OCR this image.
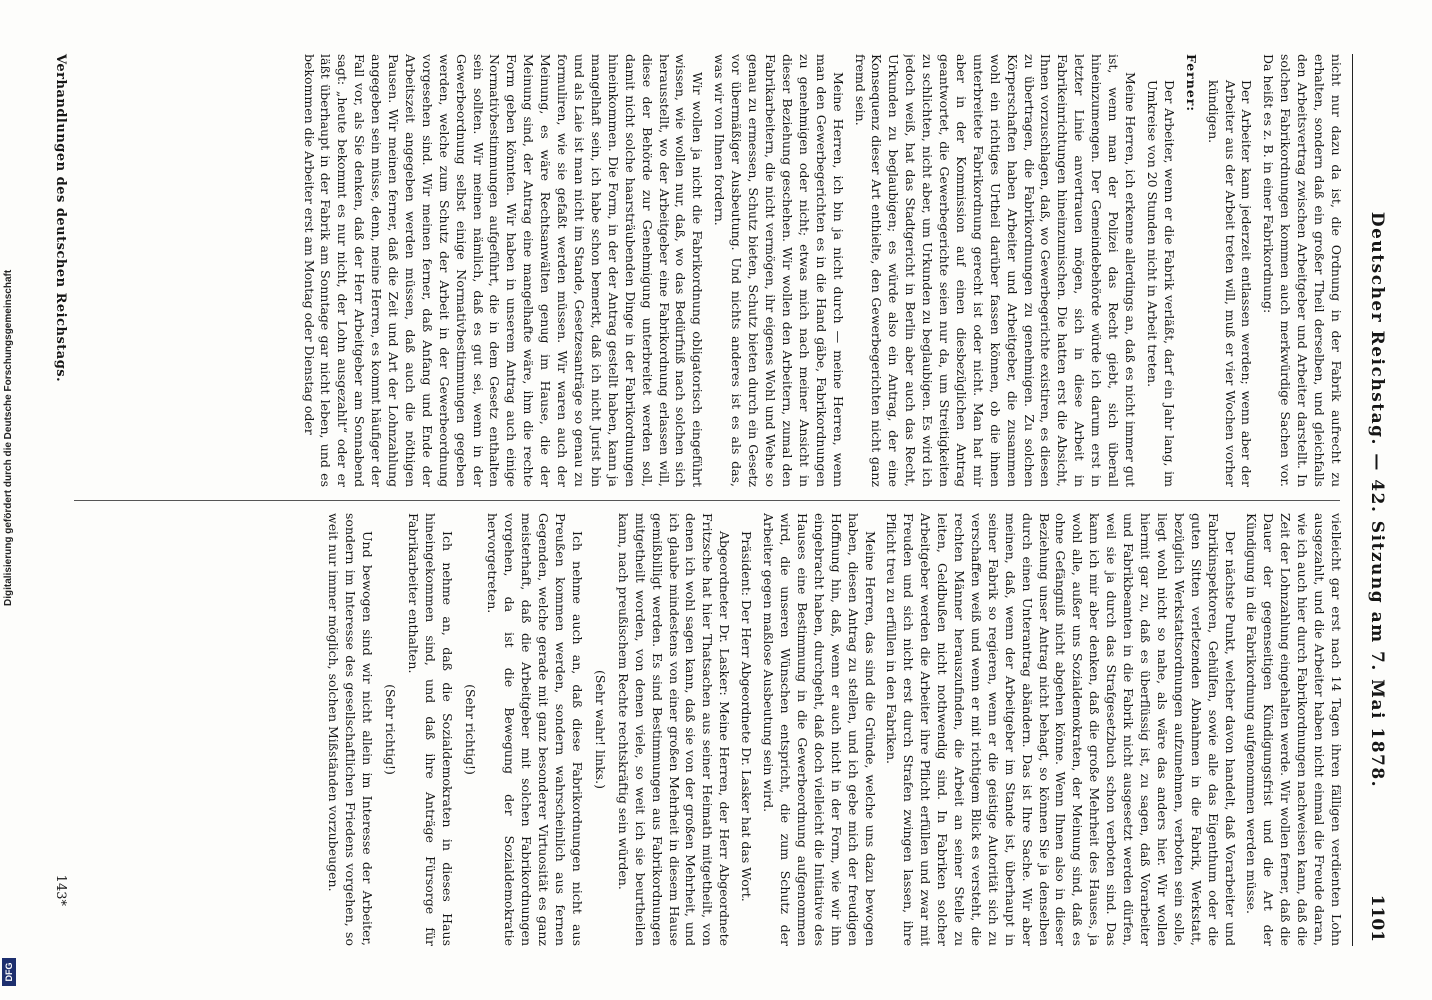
Deutscher Reichstag. — 42. Sitzung am 7. Mai 1878.
1101

nicht nur dazu da ist, die Ordnung in der Fabrik aufrecht zu erhalten, sondern daß ein großer Theil derselben, und gleichfalls den Arbeitsvertrag zwischen Arbeitgeber und Arbeiter darstellt. In solchen Fabrikordnungen kommen auch merkwürdige Sachen vor. Da heißt es z. B. in einer Fabrikordnung:

Der Arbeiter kann jederzeit entlassen werden; wenn aber der Arbeiter aus der Arbeit treten will, muß er vier Wochen vorher kündigen.

Ferner:

Der Arbeiter, wenn er die Fabrik verläßt, darf ein Jahr lang, im Umkreise von 20 Stunden nicht in Arbeit treten.

Meine Herren, ich erkenne allerdings an, daß es nicht immer gut ist, wenn man der Polizei das Recht giebt, sich überall hineinzumengen. Der Gemeindebehörde würde ich darum erst in letzter Linie anvertrauen mögen, sich in diese Arbeit in Fabrikeinrichtungen hineinzumischen. Die hatten erst die Absicht, Ihnen vorzuschlagen, daß, wo Gewerbegerichte existiren, es diesen zu übertragen, die Fabrikordnungen zu genehmigen. Zu solchen Körperschaften haben Arbeiter und Arbeitgeber, die zusammen wohl ein richtiges Urtheil darüber fassen können, ob die ihnen unterbreitete Fabrikordnung gerecht ist oder nicht. Man hat mir aber in der Kommission auf einen diesbezüglichen Antrag geantwortet, die Gewerbegerichte seien nur da, um Streitigkeiten zu schlichten, nicht aber, um Urkunden zu beglaubigen. Es wird ich jedoch weiß, hat das Stadtgericht in Berlin aber auch das Recht, Urkunden zu beglaubigen; es würde also ein Antrag, der eine Konsequenz dieser Art enthielte, den Gewerbegerichten nicht ganz fremd sein.

Meine Herren, ich bin ja nicht durch — meine Herren, wenn man den Gewerbegerichten es in die Hand gäbe, Fabrikordnungen zu genehmigen oder nicht; etwas mich nach meiner Ansicht in dieser Beziehung geschehen. Wir wollen den Arbeitern, zumal den Fabrikarbeitern, die nicht vermögen, ihr eigenes Wohl und Wehe so genau zu ermessen, Schutz bieten, Schutz bieten durch ein Gesetz vor übermäßiger Ausbeutung. Und nichts anderes ist es als das, was wir von Ihnen fordern.

Wir wollen ja nicht die Fabrikordnung obligatorisch eingeführt wissen, wie wollen nur, daß, wo das Bedürfniß nach solchen sich herausstellt, wo der Arbeitgeber eine Fabrikordnung erlassen will, diese der Behörde zur Genehmigung unterbreitet werden soll, damit nicht solche haarsträubenden Dinge in der Fabrikordnungen hineinkommen. Die Form, in der der Antrag gestellt haben, kann ja mangelhaft sein, ich habe schon bemerkt, daß ich nicht Jurist bin und als Laie ist man nicht im Stande, Gesetzesanträge so genau zu formuliren, wie sie gefaßt werden müssen. Wir waren auch der Meinung, es wäre Rechtsanwälten genug im Hause, die der Meinung sind, der Antrag eine mangelhafte wäre, ihm die rechte Form geben könnten. Wir haben in unserem Antrag auch einige Normativbestimmungen aufgeführt, die in dem Gesetz enthalten sein sollten. Wir meinen nämlich, daß es gut sei, wenn in der Gewerbeordnung selbst einige Normativbestimmungen gegeben werden, welche zum Schutz der Arbeit in der Gewerbeordnung vorgesehen sind. Wir meinen ferner, daß Anfang und Ende der Arbeitszeit angegeben werden müssen, daß auch die nöthigen Pausen. Wir meinen ferner, daß die Zeit und Art der Lohnzahlung angegeben sein müsse, denn, meine Herren, es kommt häufiger der Fall vor, als Sie denken, daß der Herr Arbeitgeber am Sonnabend sagt: „heute bekommt es nur nicht, der Lohn ausgezahlt“ oder er läßt überhaupt in der Fabrik am Sonntage gar nicht leben, und es bekommen die Arbeiter erst am Montag oder Dienstag oder

vielleicht gar erst nach 14 Tagen ihren fälligen verdienten Lohn ausgezahlt, und die Arbeiter haben nicht einmal die Freude daran, wie ich auch hier durch Fabrikordnungen nachweisen kann, daß die Zeit der Lohnzahlung eingehalten werde. Wir wollen ferner, daß die Dauer der gegenseitigen Kündigungsfrist und die Art der Kündigung in die Fabrikordnung aufgenommen werden müsse.

Der nächste Punkt, welcher davon handelt, daß Vorarbeiter und Fabrikinspektoren, Gehülfen, sowie alle das Eigenthum oder die guten Sitten verletzenden Abnahmen in die Fabrik, Werkstatt, bezüglich Werkstattsordnungen aufzunehmen, verboten sein solle, liegt wohl nicht so nahe, als wäre das anders hier. Wir wollen hiermit gar zu, daß es überflüssig ist, zu sagen, daß Vorarbeiter und Fabrikbeamten in die Fabrik nicht ausgesetzt werden dürfen, weil sie ja durch das Strafgesetzbuch schon verboten sind. Das kann ich mir aber denken, daß die große Mehrheit des Hauses, ja wohl alle, außer uns Sozialdemokraten, der Meinung sind, daß es ohne Gefängniß nicht abgehen könne. Wenn Ihnen also in dieser Beziehung unser Antrag nicht behagt, so können Sie ja denselben durch einen Unterantrag abändern. Das ist Ihre Sache. Wir aber meinen, daß, wenn der Arbeitgeber im Stande ist, überhaupt in seiner Fabrik so regieren, wenn er die geistige Autorität sich zu verschaffen weiß und wenn er mit richtigem Blick es versteht, die rechten Männer herauszufinden, die Arbeit an seiner Stelle zu leiten, Geldbußen nicht nothwendig sind. In Fabriken solcher Arbeitgeber werden die Arbeiter ihre Pflicht erfüllen und zwar mit Freuden und sich nicht erst durch Strafen zwingen lassen, ihre Pflicht treu zu erfüllen in den Fabriken.

Meine Herren, das sind die Gründe, welche uns dazu bewogen haben, diesen Antrag zu stellen, und ich gebe mich der freudigen Hoffnung hin, daß, wenn er auch nicht in der Form, wie wir ihn eingebracht haben, durchgeht, daß doch vielleicht die Initiative des Hauses eine Bestimmung in die Gewerbeordnung aufgenommen wird, die unseren Wünschen entspricht, die zum Schutz der Arbeiter gegen maßlose Ausbeutung sein wird.

Präsident: Der Herr Abgeordnete Dr. Lasker hat das Wort.

Abgeordneter Dr. Lasker: Meine Herren, der Herr Abgeordnete Fritzsche hat hier Thatsachen aus seiner Heimath mitgetheilt, von denen ich wohl sagen kann, daß sie von der großen Mehrheit, und ich glaube mindestens von einer großen Mehrheit in diesem Hause gemißbilligt werden. Es sind Bestimmungen aus Fabrikordnungen mitgetheilt worden, von denen viele, so weit ich sie beurtheilen kann, nach preußischem Rechte rechtskräftig sein würden.

(Sehr wahr! links.)

Ich nehme auch an, daß diese Fabrikordnungen nicht aus Preußen kommen werden, sondern wahrscheinlich aus fernen Gegenden, welche gerade mit ganz besonderer Virtuosität es ganz meisterhaft, daß die Arbeitgeber mit solchen Fabrikordnungen vorgehen, da ist die Bewegung der Sozialdemokratie hervorgetreten.

(Sehr richtig!)

Ich nehme an, daß die Sozialdemokraten in dieses Haus hineingekommen sind, und daß ihre Anträge Fürsorge für Fabrikarbeiter enthalten.

(Sehr richtig!)

Und bewogen sind wir nicht allein im Interesse der Arbeiter, sondern im Interesse des gesellschaftlichen Friedens vorgehen, so weit nur immer möglich, solchen Mißständen vorzubeugen.

Verhandlungen des deutschen Reichstags.
143*
Digitalisierung gefördert durch die Deutsche Forschungsgemeinschaft
DFG
